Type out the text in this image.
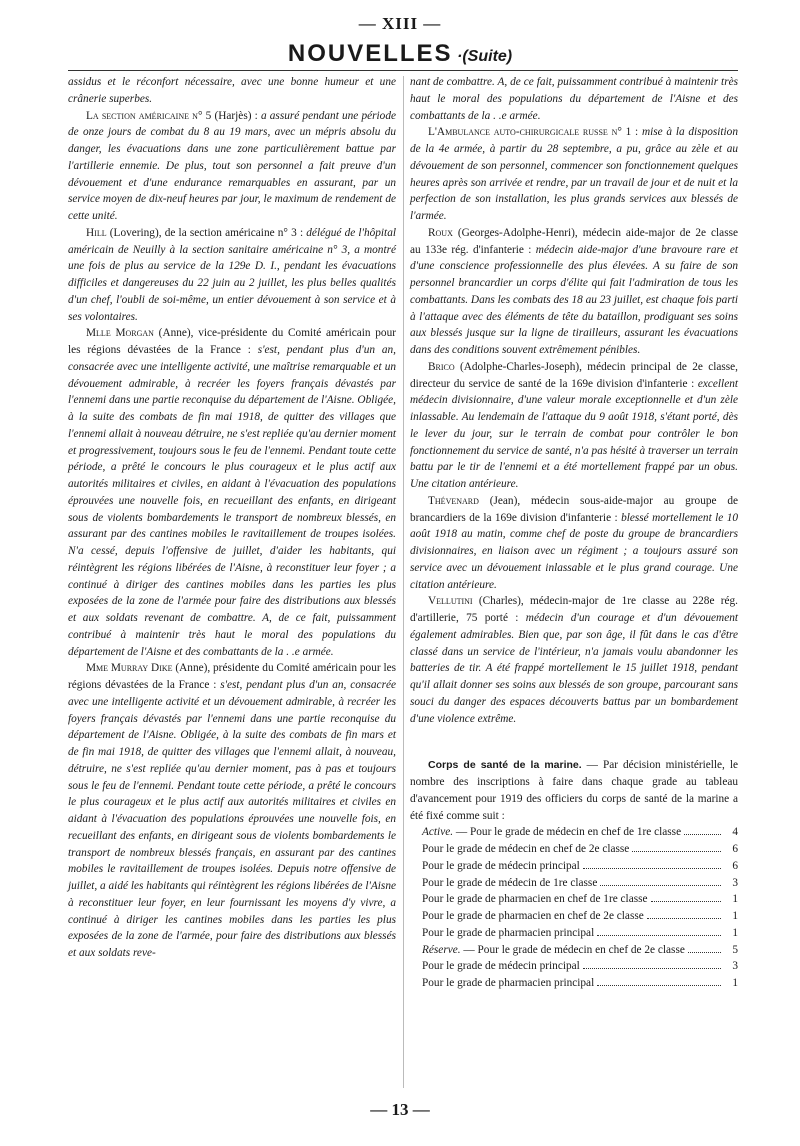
— XIII —
NOUVELLES ·(Suite)

assidus et le réconfort nécessaire, avec une bonne humeur et une crânerie superbes.

La section américaine n° 5 (Harjès) : a assuré pendant une période de onze jours de combat du 8 au 19 mars, avec un mépris absolu du danger, les évacuations dans une zone particulièrement battue par l'artillerie ennemie. De plus, tout son personnel a fait preuve d'un dévouement et d'une endurance remarquables en assurant, par un service moyen de dix-neuf heures par jour, le maximum de rendement de cette unité.

Hill (Lovering), de la section américaine n° 3 : délégué de l'hôpital américain de Neuilly à la section sanitaire américaine n° 3, a montré une fois de plus au service de la 129e D. I., pendant les évacuations difficiles et dangereuses du 22 juin au 2 juillet, les plus belles qualités d'un chef, l'oubli de soi-même, un entier dévouement à son service et à ses volontaires.

Mlle Morgan (Anne), vice-présidente du Comité américain pour les régions dévastées de la France : s'est, pendant plus d'un an, consacrée avec une intelligente activité, une maîtrise remarquable et un dévouement admirable, à recréer les foyers français dévastés par l'ennemi dans une partie reconquise du département de l'Aisne. Obligée, à la suite des combats de fin mai 1918, de quitter des villages que l'ennemi allait à nouveau détruire, ne s'est repliée qu'au dernier moment et progressivement, toujours sous le feu de l'ennemi. Pendant toute cette période, a prêté le concours le plus courageux et le plus actif aux autorités militaires et civiles, en aidant à l'évacuation des populations éprouvées une nouvelle fois, en recueillant des enfants, en dirigeant sous de violents bombardements le transport de nombreux blessés, en assurant par des cantines mobiles le ravitaillement de troupes isolées. N'a cessé, depuis l'offensive de juillet, d'aider les habitants, qui réintègrent les régions libérées de l'Aisne, à reconstituer leur foyer ; a continué à diriger des cantines mobiles dans les parties les plus exposées de la zone de l'armée pour faire des distributions aux blessés et aux soldats revenant de combattre. A, de ce fait, puissamment contribué à maintenir très haut le moral des populations du département de l'Aisne et des combattants de la . .e armée.

Mme Murray Dike (Anne), présidente du Comité américain pour les régions dévastées de la France : s'est, pendant plus d'un an, consacrée avec une intelligente activité et un dévouement admirable, à recréer les foyers français dévastés par l'ennemi dans une partie reconquise du département de l'Aisne. Obligée, à la suite des combats de fin mars et de fin mai 1918, de quitter des villages que l'ennemi allait, à nouveau, détruire, ne s'est repliée qu'au dernier moment, pas à pas et toujours sous le feu de l'ennemi. Pendant toute cette période, a prêté le concours le plus courageux et le plus actif aux autorités militaires et civiles en aidant à l'évacuation des populations éprouvées une nouvelle fois, en recueillant des enfants, en dirigeant sous de violents bombardements le transport de nombreux blessés français, en assurant par des cantines mobiles le ravitaillement de troupes isolées. Depuis notre offensive de juillet, a aidé les habitants qui réintègrent les régions libérées de l'Aisne à reconstituer leur foyer, en leur fournissant les moyens d'y vivre, a continué à diriger les cantines mobiles dans les parties les plus exposées de la zone de l'armée, pour faire des distributions aux blessés et aux soldats reve-

nant de combattre. A, de ce fait, puissamment contribué à maintenir très haut le moral des populations du département de l'Aisne et des combattants de la . .e armée.

L'Ambulance auto-chirurgicale russe n° 1 : mise à la disposition de la 4e armée, à partir du 28 septembre, a pu, grâce au zèle et au dévouement de son personnel, commencer son fonctionnement quelques heures après son arrivée et rendre, par un travail de jour et de nuit et la perfection de son installation, les plus grands services aux blessés de l'armée.

Roux (Georges-Adolphe-Henri), médecin aide-major de 2e classe au 133e rég. d'infanterie : médecin aide-major d'une bravoure rare et d'une conscience professionnelle des plus élevées. A su faire de son personnel brancardier un corps d'élite qui fait l'admiration de tous les combattants. Dans les combats des 18 au 23 juillet, est chaque fois parti à l'attaque avec des éléments de tête du bataillon, prodiguant ses soins aux blessés jusque sur la ligne de tirailleurs, assurant les évacuations dans des conditions souvent extrêmement pénibles.

Brico (Adolphe-Charles-Joseph), médecin principal de 2e classe, directeur du service de santé de la 169e division d'infanterie : excellent médecin divisionnaire, d'une valeur morale exceptionnelle et d'un zèle inlassable. Au lendemain de l'attaque du 9 août 1918, s'étant porté, dès le lever du jour, sur le terrain de combat pour contrôler le bon fonctionnement du service de santé, n'a pas hésité à traverser un terrain battu par le tir de l'ennemi et a été mortellement frappé par un obus. Une citation antérieure.

Thévenard (Jean), médecin sous-aide-major au groupe de brancardiers de la 169e division d'infanterie : blessé mortellement le 10 août 1918 au matin, comme chef de poste du groupe de brancardiers divisionnaires, en liaison avec un régiment ; a toujours assuré son service avec un dévouement inlassable et le plus grand courage. Une citation antérieure.

Vellutini (Charles), médecin-major de 1re classe au 228e rég. d'artillerie, 75 porté : médecin d'un courage et d'un dévouement également admirables. Bien que, par son âge, il fût dans le cas d'être classé dans un service de l'intérieur, n'a jamais voulu abandonner les batteries de tir. A été frappé mortellement le 15 juillet 1918, pendant qu'il allait donner ses soins aux blessés de son groupe, parcourant sans souci du danger des espaces découverts battus par un bombardement d'une violence extrême.

Corps de santé de la marine. — Par décision ministérielle, le nombre des inscriptions à faire dans chaque grade au tableau d'avancement pour 1919 des officiers du corps de santé de la marine a été fixé comme suit :

Active. — Pour le grade de médecin en chef de 1re classe	4
Pour le grade de médecin en chef de 2e classe	6
Pour le grade de médecin principal	6
Pour le grade de médecin de 1re classe	3
Pour le grade de pharmacien en chef de 1re classe	1
Pour le grade de pharmacien en chef de 2e classe	1
Pour le grade de pharmacien principal	1
Réserve. — Pour le grade de médecin en chef de 2e classe	5
Pour le grade de médecin principal	3
Pour le grade de pharmacien principal	1
— 13 —
